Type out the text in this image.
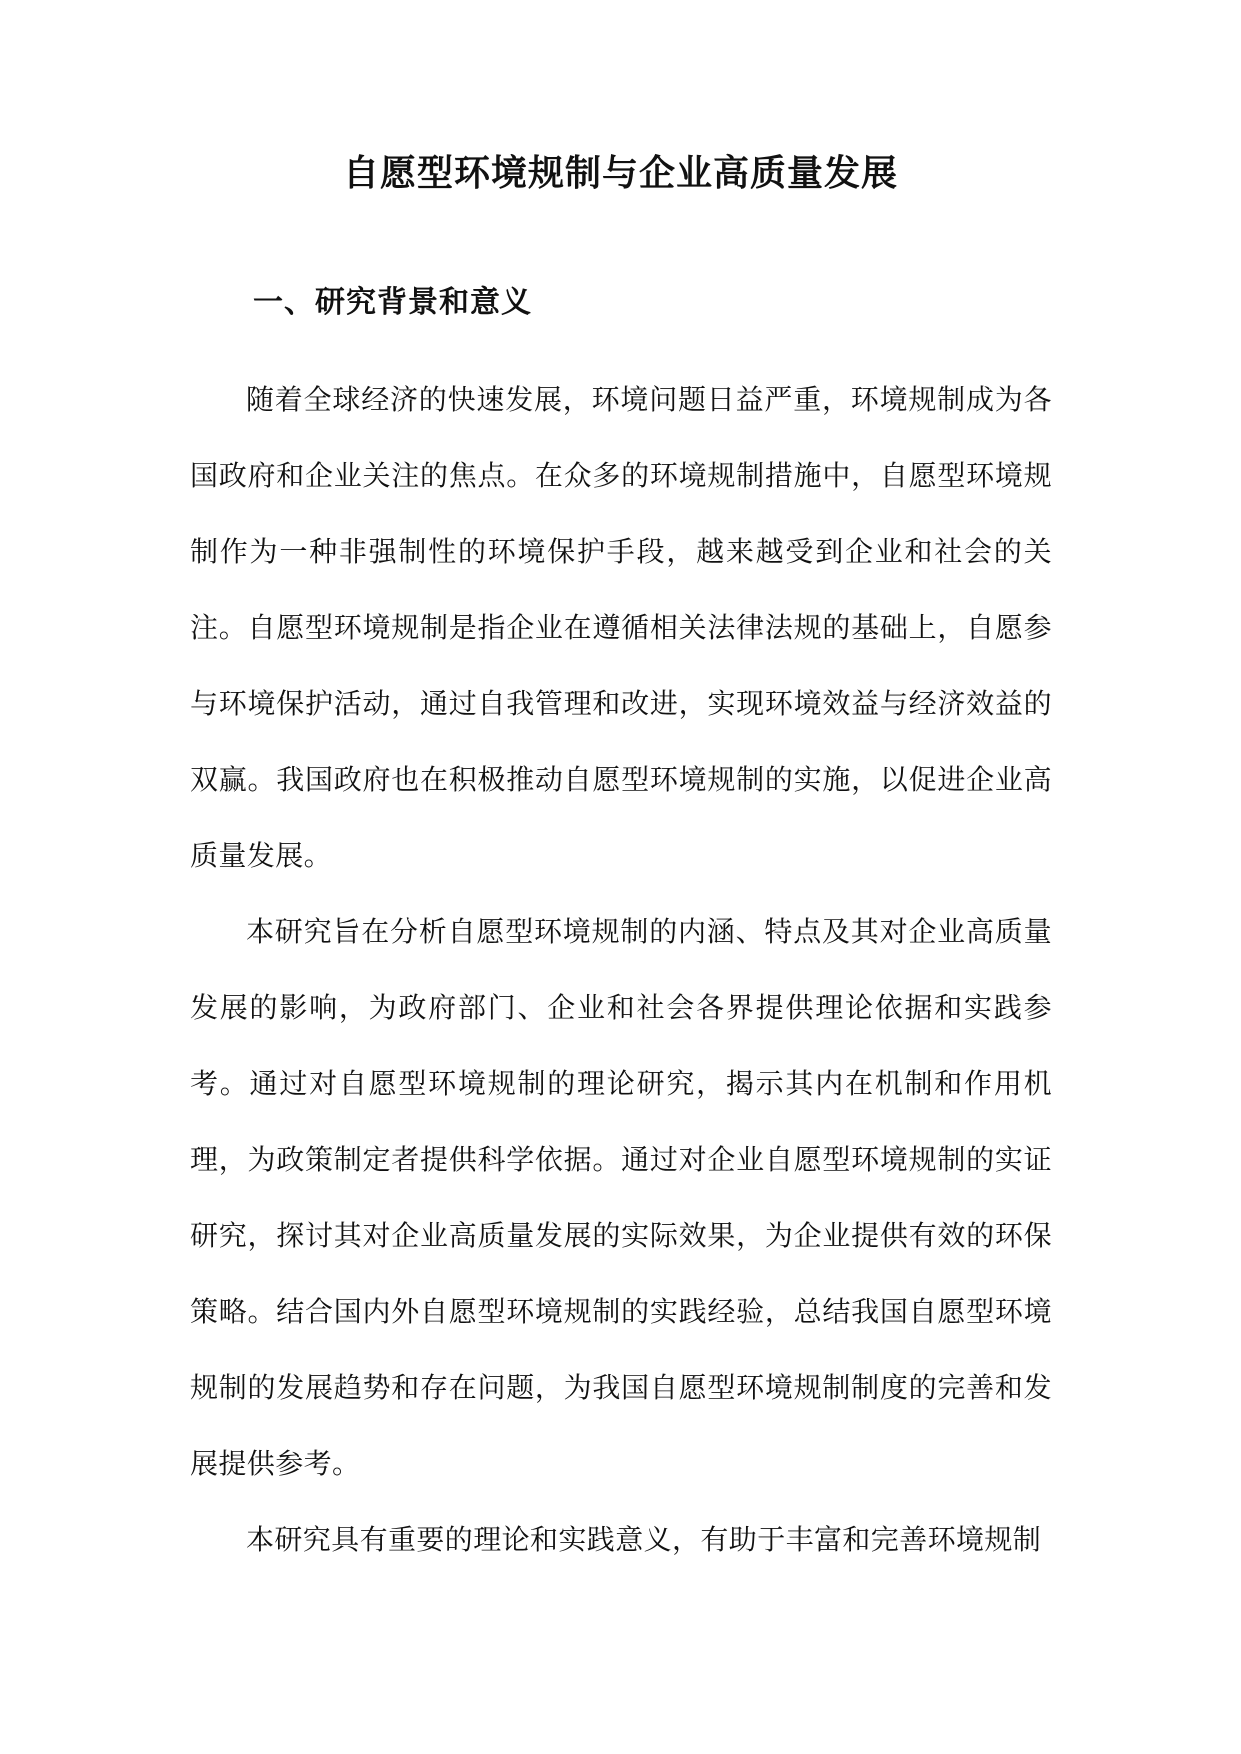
自愿型环境规制与企业高质量发展
一、研究背景和意义

随着全球经济的快速发展，环境问题日益严重，环境规制成为各国政府和企业关注的焦点。在众多的环境规制措施中，自愿型环境规制作为一种非强制性的环境保护手段，越来越受到企业和社会的关注。自愿型环境规制是指企业在遵循相关法律法规的基础上，自愿参与环境保护活动，通过自我管理和改进，实现环境效益与经济效益的双赢。我国政府也在积极推动自愿型环境规制的实施，以促进企业高质量发展。

本研究旨在分析自愿型环境规制的内涵、特点及其对企业高质量发展的影响，为政府部门、企业和社会各界提供理论依据和实践参考。通过对自愿型环境规制的理论研究，揭示其内在机制和作用机理，为政策制定者提供科学依据。通过对企业自愿型环境规制的实证研究，探讨其对企业高质量发展的实际效果，为企业提供有效的环保策略。结合国内外自愿型环境规制的实践经验，总结我国自愿型环境规制的发展趋势和存在问题，为我国自愿型环境规制制度的完善和发展提供参考。

本研究具有重要的理论和实践意义，有助于丰富和完善环境规制
